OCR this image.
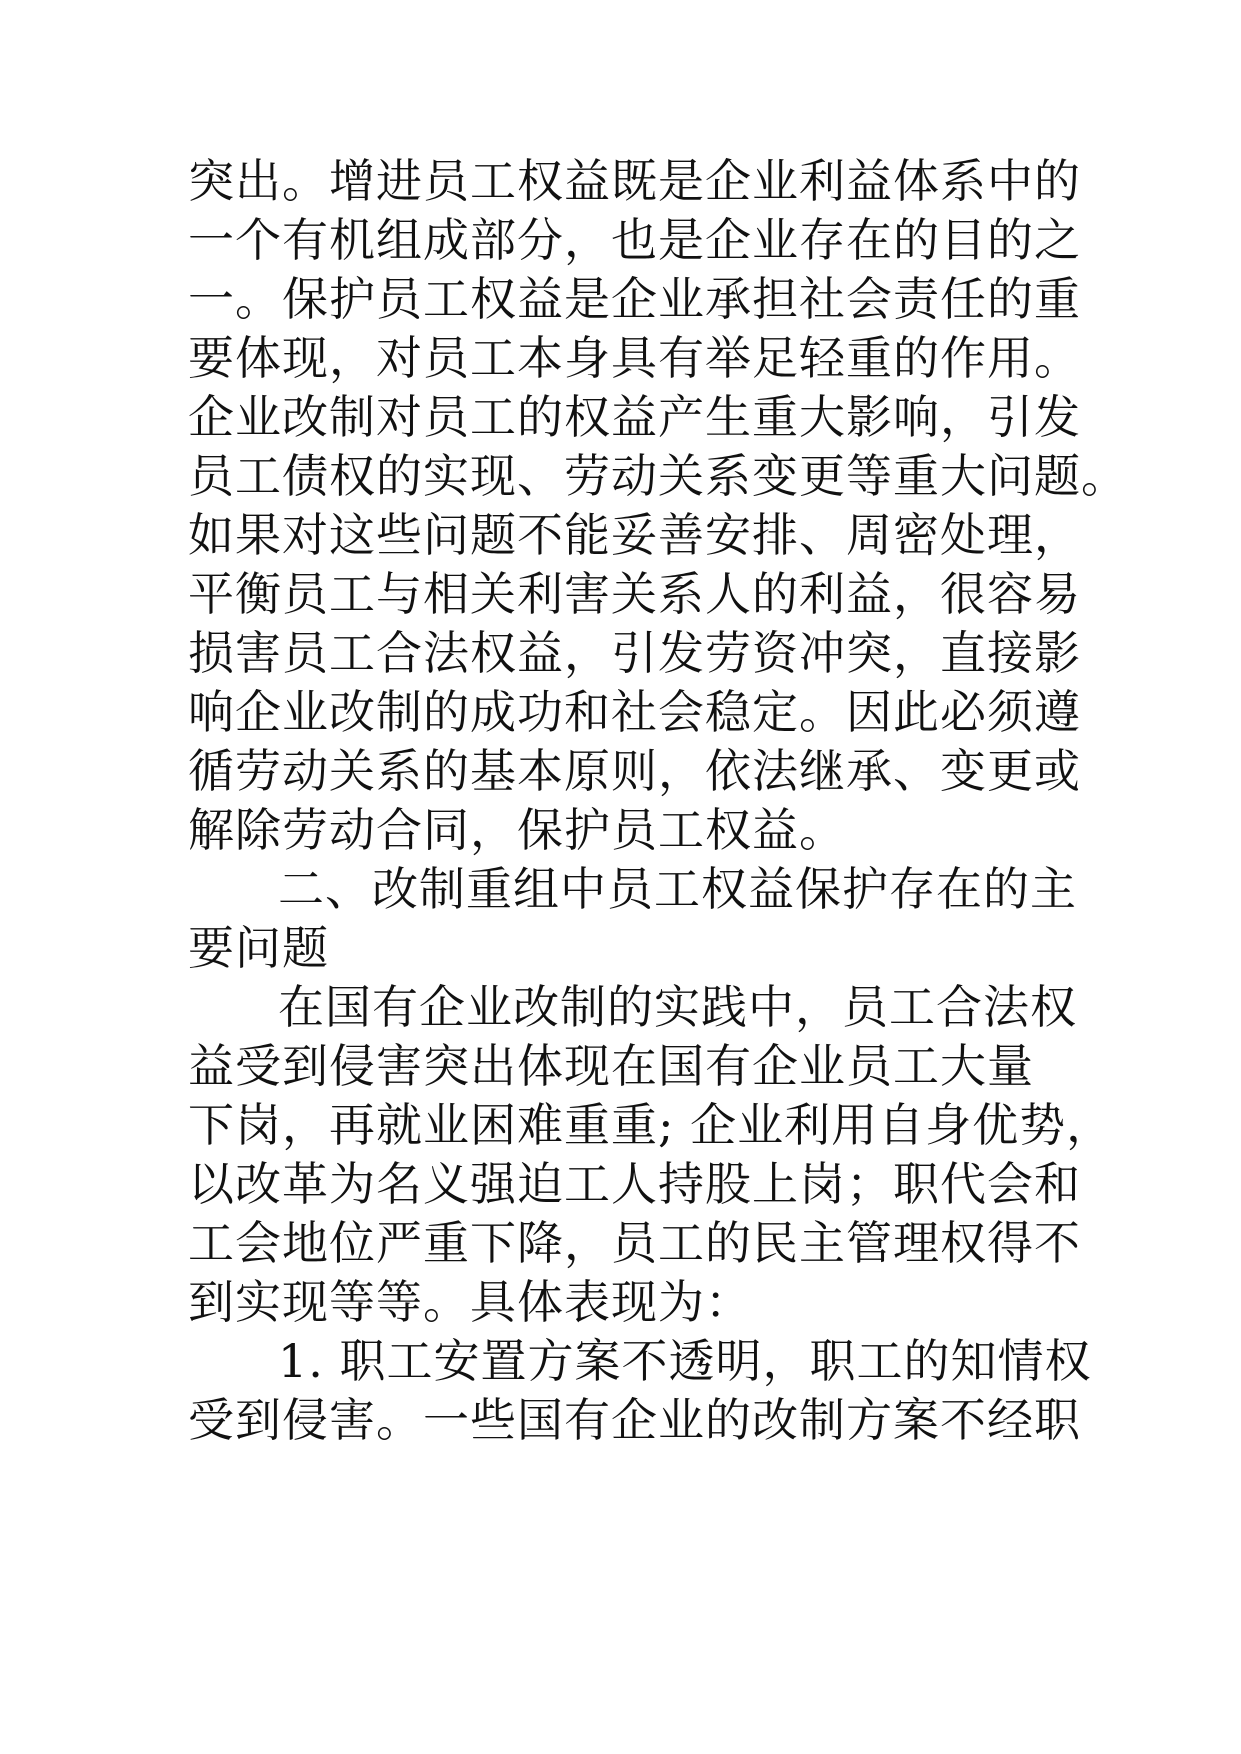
突出。增进员工权益既是企业利益体系中的
一个有机组成部分，也是企业存在的目的之
一。保护员工权益是企业承担社会责任的重
要体现，对员工本身具有举足轻重的作用。
企业改制对员工的权益产生重大影响，引发
员工债权的实现、劳动关系变更等重大问题。
如果对这些问题不能妥善安排、周密处理，
平衡员工与相关利害关系人的利益，很容易
损害员工合法权益，引发劳资冲突，直接影
响企业改制的成功和社会稳定。因此必须遵
循劳动关系的基本原则，依法继承、变更或
解除劳动合同，保护员工权益。
二、改制重组中员工权益保护存在的主
要问题
在国有企业改制的实践中，员工合法权
益受到侵害突出体现在国有企业员工大量
下岗，再就业困难重重; 企业利用自身优势，
以改革为名义强迫工人持股上岗；职代会和
工会地位严重下降，员工的民主管理权得不
到实现等等。具体表现为：
1. 职工安置方案不透明，职工的知情权
受到侵害。一些国有企业的改制方案不经职
